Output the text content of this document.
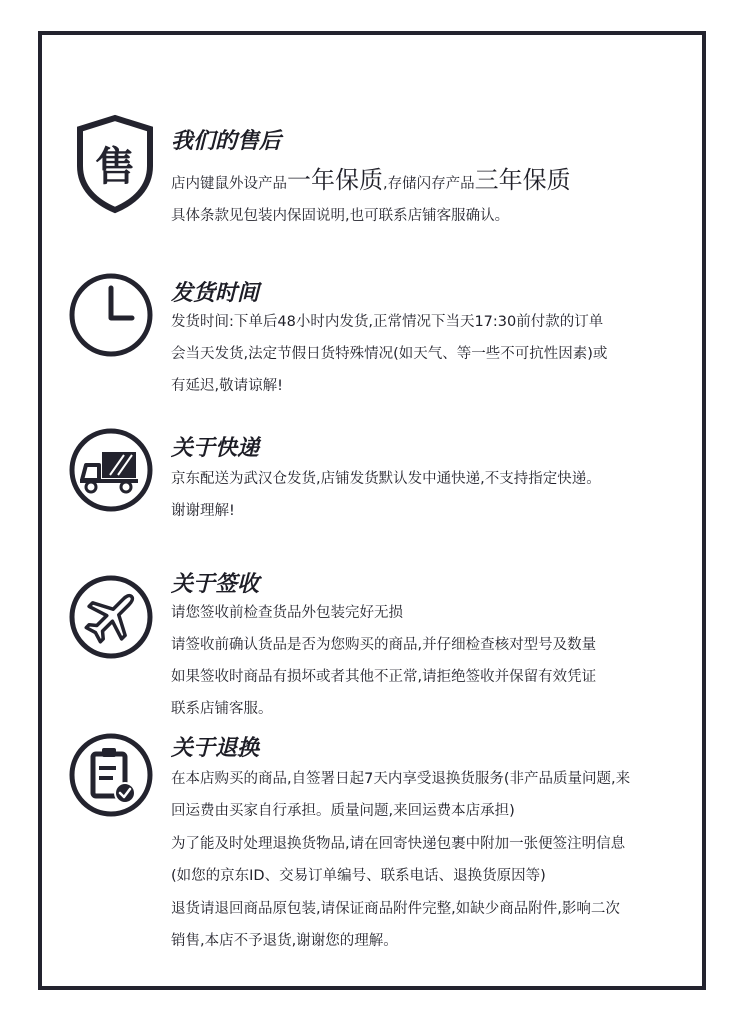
售
我们的售后
店内键鼠外设产品一年保质,存储闪存产品三年保质
具体条款见包装内保固说明,也可联系店铺客服确认。
发货时间
发货时间:下单后48小时内发货,正常情况下当天17:30前付款的订单
会当天发货,法定节假日货特殊情况(如天气、等一些不可抗性因素)或
有延迟,敬请谅解!
关于快递
京东配送为武汉仓发货,店铺发货默认发中通快递,不支持指定快递。
谢谢理解!
关于签收
请您签收前检查货品外包装完好无损
请签收前确认货品是否为您购买的商品,并仔细检查核对型号及数量
如果签收时商品有损坏或者其他不正常,请拒绝签收并保留有效凭证
联系店铺客服。
关于退换
在本店购买的商品,自签署日起7天内享受退换货服务(非产品质量问题,来
回运费由买家自行承担。质量问题,来回运费本店承担)
为了能及时处理退换货物品,请在回寄快递包裹中附加一张便签注明信息
(如您的京东ID、交易订单编号、联系电话、退换货原因等)
退货请退回商品原包装,请保证商品附件完整,如缺少商品附件,影响二次
销售,本店不予退货,谢谢您的理解。
